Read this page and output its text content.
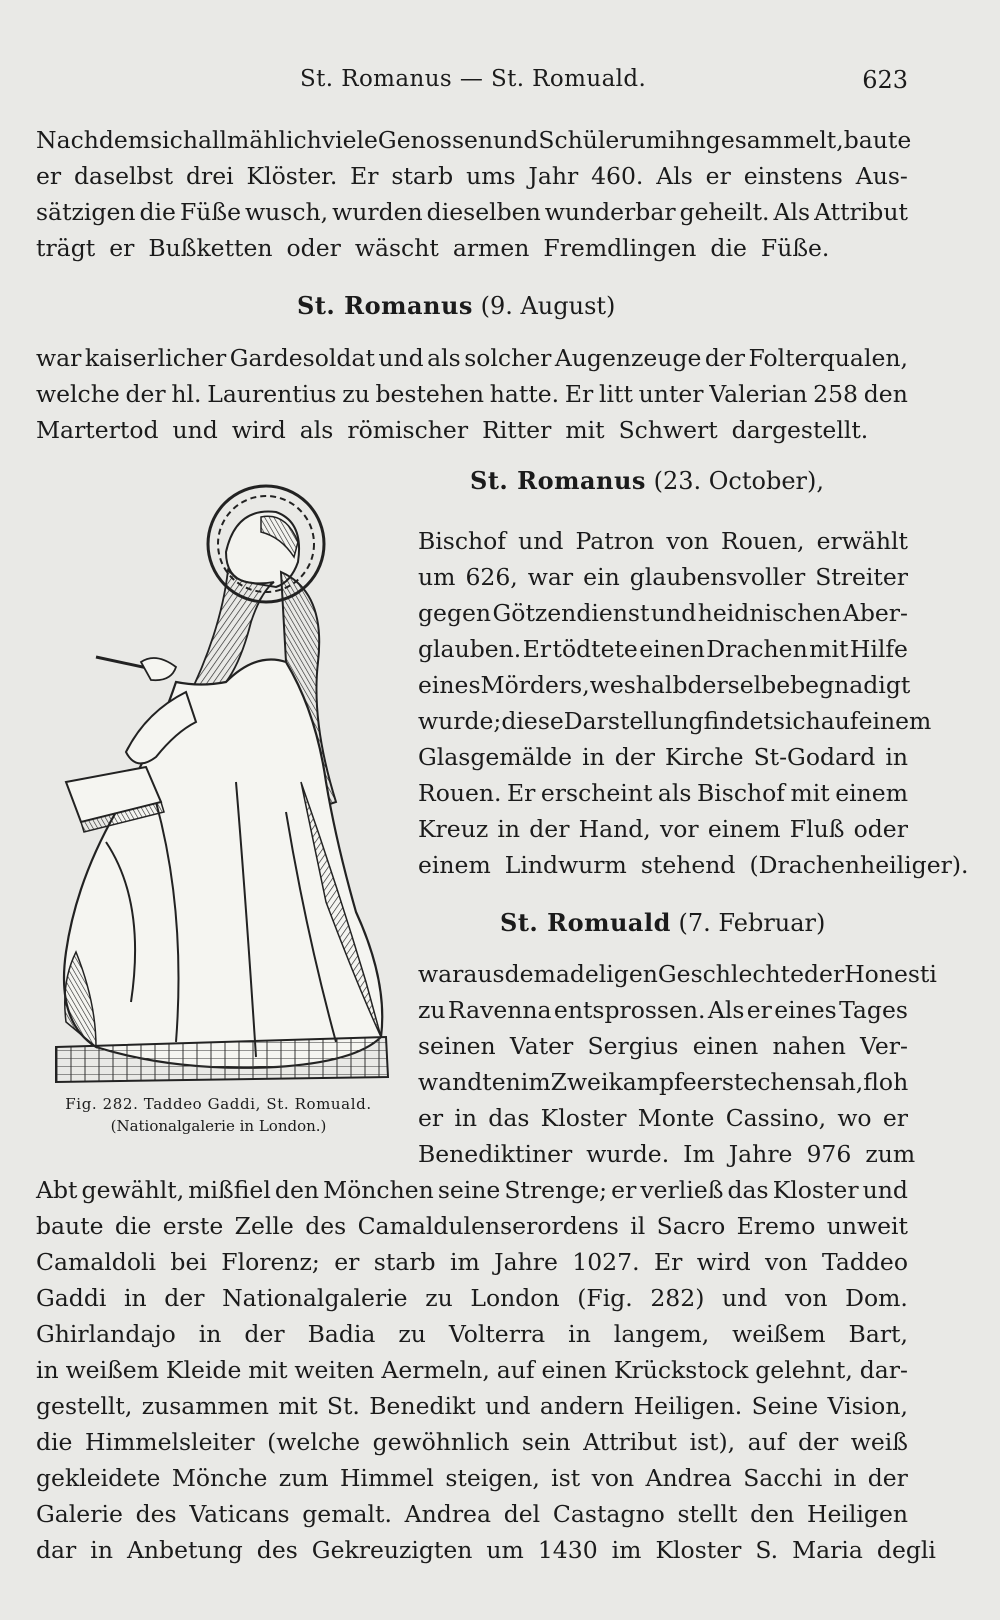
St. Romanus — St. Romuald.	623
Nachdem sich allmählich viele Genossen und Schüler um ihn gesammelt, baute
er daselbst drei Klöster. Er starb ums Jahr 460. Als er einstens Aus-
sätzigen die Füße wusch, wurden dieselben wunderbar geheilt. Als Attribut
trägt er Bußketten oder wäscht armen Fremdlingen die Füße.
St. Romanus (9. August)
war kaiserlicher Gardesoldat und als solcher Augenzeuge der Folterqualen,
welche der hl. Laurentius zu bestehen hatte. Er litt unter Valerian 258 den
Martertod und wird als römischer Ritter mit Schwert dargestellt.
St. Romanus (23. October),
Bischof und Patron von Rouen, erwählt
um 626, war ein glaubensvoller Streiter
gegen Götzendienst und heidnischen Aber-
glauben. Er tödtete einen Drachen mit Hilfe
eines Mörders, weshalb derselbe begnadigt
wurde; diese Darstellung findet sich auf einem
Glasgemälde in der Kirche St-Godard in
Rouen. Er erscheint als Bischof mit einem
Kreuz in der Hand, vor einem Fluß oder
einem Lindwurm stehend (Drachenheiliger).
St. Romuald (7. Februar)
war aus dem adeligen Geschlechte der Honesti
zu Ravenna entsprossen. Als er eines Tages
seinen Vater Sergius einen nahen Ver-
wandten im Zweikampfe erstechen sah, floh
er in das Kloster Monte Cassino, wo er
Benediktiner wurde. Im Jahre 976 zum
Abt gewählt, mißfiel den Mönchen seine Strenge; er verließ das Kloster und
baute die erste Zelle des Camaldulenserordens il Sacro Eremo unweit
Camaldoli bei Florenz; er starb im Jahre 1027. Er wird von Taddeo
Gaddi in der Nationalgalerie zu London (Fig. 282) und von Dom.
Ghirlandajo in der Badia zu Volterra in langem, weißem Bart,
in weißem Kleide mit weiten Aermeln, auf einen Krückstock gelehnt, dar-
gestellt, zusammen mit St. Benedikt und andern Heiligen. Seine Vision,
die Himmelsleiter (welche gewöhnlich sein Attribut ist), auf der weiß
gekleidete Mönche zum Himmel steigen, ist von Andrea Sacchi in der
Galerie des Vaticans gemalt. Andrea del Castagno stellt den Heiligen
dar in Anbetung des Gekreuzigten um 1430 im Kloster S. Maria degli
Fig. 282. Taddeo Gaddi, St. Romuald.
(Nationalgalerie in London.)
